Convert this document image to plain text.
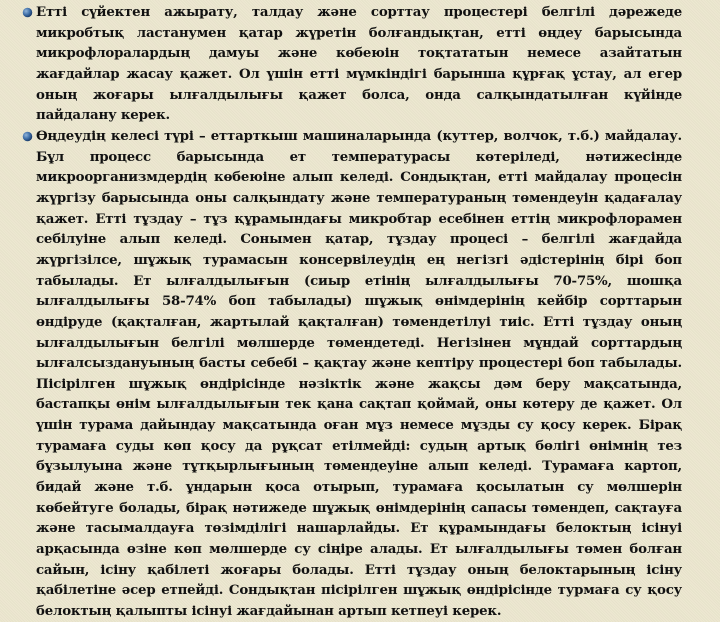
Етті сүйектен ажырату, талдау және сорттау процестері белгілі дәрежеде микробтық ластанумен қатар жүретін болғандықтан, етті өңдеу барысында микрофлоралардың дамуы және көбеюін тоқтататын немесе азайтатын жағдайлар жасау қажет. Ол үшін етті мүмкіндігі барынша құрғақ ұстау, ал егер оның жоғары ылғалдылығы қажет болса, онда салқындатылған күйінде пайдалану керек.

Өңдеудің келесі түрі – еттарткыш машиналарында (куттер, волчок, т.б.) майдалау. Бұл процесс барысында ет температурасы көтеріледі, нәтижесінде микроорганизмдердің көбеюіне алып келеді. Сондықтан, етті майдалау процесін жүргізу барысында оны салқындату және температураның төмендеуін қадағалау қажет. Етті тұздау – тұз құрамындағы микробтар есебінен еттің микрофлорамен себілуіне алып келеді. Сонымен қатар, тұздау процесі – белгілі жағдайда жүргізілсе, шұжық турамасын консервілеудің ең негізгі әдістерінің бірі боп табылады. Ет ылғалдылығын (сиыр етінің ылғалдылығы 70-75%, шошқа ылғалдылығы 58-74% боп табылады) шұжық өнімдерінің кейбір сорттарын өндіруде (қақталған, жартылай қақталған) төмендетілуі тиіс. Етті тұздау оның ылғалдылығын белгілі мөлшерде төмендетеді. Негізінен мұндай сорттардың ылғалсыздануының басты себебі – қақтау және кептіру процестері боп табылады. Пісірілген шұжық өндірісінде нәзіктік және жақсы дәм беру мақсатында, бастапқы өнім ылғалдылығын тек қана сақтап қоймай, оны көтеру де қажет. Ол үшін турама дайындау мақсатында оған мұз немесе мұзды су қосу керек. Бірақ турамаға суды көп қосу да рұқсат етілмейді: судың артық бөлігі өнімнің тез бұзылуына және тұтқырлығының төмендеуіне алып келеді. Турамаға картоп, бидай және т.б. ұндарын қоса отырып, турамаға қосылатын су мөлшерін көбейтуге болады, бірақ нәтижеде шұжық өнімдерінің сапасы төмендеп, сақтауға және тасымалдауға төзімділігі нашарлайды. Ет құрамындағы белоктың ісінуі арқасында өзіне көп мөлшерде су сіңіре алады. Ет ылғалдылығы төмен болған сайын, ісіну қабілеті жоғары болады. Етті тұздау оның белоктарының ісіну қабілетіне әсер етпейді. Сондықтан пісірілген шұжық өндірісінде турмаға су қосу белоктың қалыпты ісінуі жағдайынан артып кетпеуі керек.
